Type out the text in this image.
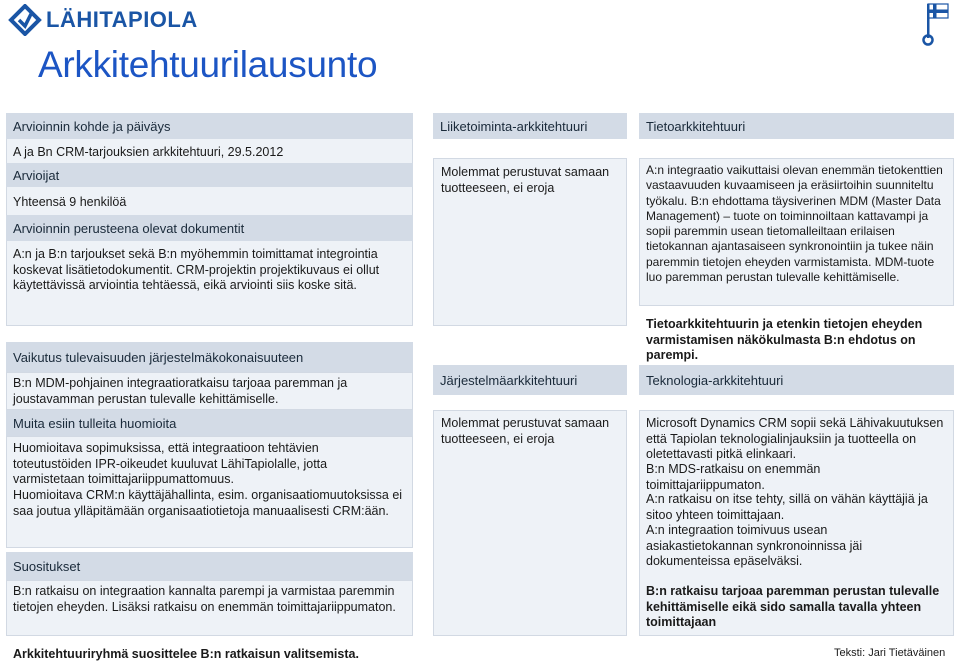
LÄHITAPIOLA
Arkkitehtuurilausunto
Arvioinnin kohde ja päiväys
A ja Bn CRM-tarjouksien arkkitehtuuri, 29.5.2012
Arvioijat
Yhteensä 9 henkilöä
Arvioinnin perusteena olevat dokumentit
A:n ja B:n tarjoukset sekä B:n myöhemmin toimittamat integrointia koskevat lisätietodokumentit. CRM-projektin projektikuvaus ei ollut käytettävissä arviointia tehtäessä, eikä arviointi siis koske sitä.
Vaikutus tulevaisuuden järjestelmäkokonaisuuteen
B:n MDM-pohjainen integraatioratkaisu tarjoaa paremman ja joustavamman perustan tulevalle kehittämiselle.
Muita esiin tulleita huomioita
Huomioitava sopimuksissa, että integraatioon tehtävien toteutustöiden IPR-oikeudet kuuluvat LähiTapiolalle, jotta varmistetaan toimittajariippumattomuus.
Huomioitava CRM:n käyttäjähallinta, esim. organisaatiomuutoksissa ei saa joutua ylläpitämään organisaatiotietoja manuaalisesti CRM:ään.
Suositukset
B:n ratkaisu on integraation kannalta parempi ja varmistaa paremmin tietojen eheyden. Lisäksi ratkaisu on enemmän toimittajariippumaton.
Arkkitehtuuriryhmä suosittelee B:n ratkaisun valitsemista.
Liiketoiminta-arkkitehtuuri
Molemmat perustuvat samaan tuotteeseen, ei eroja
Järjestelmäarkkitehtuuri
Molemmat perustuvat samaan tuotteeseen, ei eroja
Tietoarkkitehtuuri
A:n integraatio vaikuttaisi olevan enemmän tietokenttien vastaavuuden kuvaamiseen ja eräsiirtoihin suunniteltu työkalu. B:n ehdottama täysiverinen MDM (Master Data Management) – tuote on toiminnoiltaan kattavampi ja sopii paremmin usean tietomalleiltaan erilaisen tietokannan ajantasaiseen synkronointiin ja tukee näin paremmin tietojen eheyden varmistamista. MDM-tuote luo paremman perustan tulevalle kehittämiselle.
Tietoarkkitehtuurin ja etenkin tietojen eheyden varmistamisen näkökulmasta B:n ehdotus on parempi.
Teknologia-arkkitehtuuri
Microsoft Dynamics CRM sopii sekä Lähivakuutuksen että Tapiolan teknologialinjauksiin ja tuotteella on oletettavasti pitkä elinkaari.
B:n MDS-ratkaisu on enemmän toimittajariippumaton.
A:n ratkaisu on itse tehty, sillä on vähän käyttäjiä ja sitoo yhteen toimittajaan.
A:n integraation toimivuus usean asiakastietokannan synkronoinnissa jäi dokumenteissa epäselväksi.
B:n ratkaisu tarjoaa paremman perustan tulevalle kehittämiselle eikä sido samalla tavalla yhteen toimittajaan
Teksti: Jari Tietäväinen
